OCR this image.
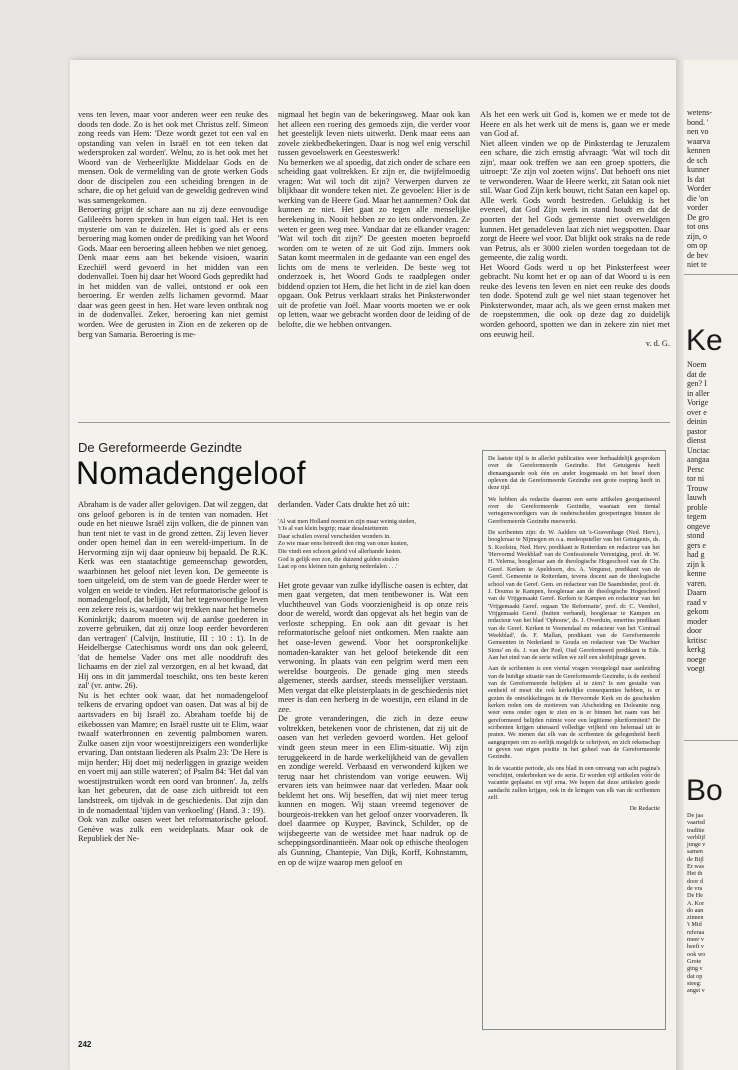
vens ten leven, maar voor anderen weer een reuke des doods ten dode. Zo is het ook met Christus zelf. Simeon zong reeds van Hem: 'Deze wordt gezet tot een val en opstanding van velen in Israël en tot een teken dat wedersproken zal worden'. Welnu, zo is het ook met het Woord van de Verheerlijkte Middelaar Gods en de mensen. Ook de vermelding van de grote werken Gods door de discipelen zou een scheiding brengen in de schare, die op het geluid van de geweldig gedreven wind was samengekomen.
Beroering grijpt de schare aan nu zij deze eenvoudige Galileeërs horen spreken in hun eigen taal. Het is een mysterie om van te duizelen. Het is goed als er eens beroering mag komen onder de prediking van het Woord Gods. Maar een beroering alleen hebben we niet genoeg. Denk maar eens aan het bekende visioen, waarin Ezechiël werd gevoerd in het midden van een dodenvallei. Toen hij daar het Woord Gods gepredikt had in het midden van de vallei, ontstond er ook een beroering. Er werden zelfs lichamen gevormd. Maar daar was geen geest in hen. Het ware leven ontbrak nog in de dodenvallei. Zeker, beroering kan niet gemist worden. Wee de gerusten in Zion en de zekeren op de berg van Samaria. Beroering is me-

nigmaal het begin van de bekeringsweg. Maar ook kan het alleen een roering des gemoeds zijn, die verder voor het geestelijk leven niets uitwerkt. Denk maar eens aan zovele ziekbedbekeringen. Daar is nog wel enig verschil tussen gevoelswerk en Geesteswerk!
Nu bemerken we al spoedig, dat zich onder de schare een scheiding gaat voltrekken. Er zijn er, die twijfelmoedig vragen: Wat wil toch dit zijn? Verwerpen durven ze blijkbaar dit wondere teken niet. Ze gevoelen: Hier is de werking van de Heere God. Maar het aannemen? Ook dat kunnen ze niet. Het gaat zo tegen alle menselijke berekening in. Nooit hebben ze zo iets ondervonden. Ze weten er geen weg mee. Vandaar dat ze elkander vragen: 'Wat wil toch dit zijn?' De geesten moeten beproefd worden om te weten of ze uit God zijn. Immers ook Satan komt meermalen in de gedaante van een engel des lichts om de mens te verleiden. De beste weg tot onderzoek is, het Woord Gods te raadplegen onder biddend opzien tot Hem, die het licht in de ziel kan doen opgaan. Ook Petrus verklaart straks het Pinksterwonder uit de profetie van Joël. Maar voorts moeten we er ook op letten, waar we gebracht worden door de leiding of de beloftе, die we hebben ontvangen.

Als het een werk uit God is, komen we er mede tot de Heere en als het werk uit de mens is, gaan we er mede van God af.
Niet alleen vinden we op de Pinksterdag te Jeruzalem een schare, die zich ernstig afvraagt: 'Wat wil toch dit zijn', maar ook treffen we aan een groep spotters, die uitroept: 'Ze zijn vol zoeten wijns'. Dat behoeft ons niet te verwonderen. Waar de Heere werkt, zit Satan ook niet stil. Waar God Zijn kerk bouwt, richt Satan een kapel op. Alle werk Gods wordt bestreden. Gelukkig is het eveneel, dat God Zijn werk in stand houdt en dat de poorten der hel Gods gemeente niet overweldigen kunnen. Het genadeleven laat zich niet wegspotten. Daar zorgt de Heere wel voor. Dat blijkt ook straks na de rede van Petrus, als er 3000 zielen worden toegedaan tot de gemeente, die zalig wordt.
Het Woord Gods werd u op het Pinksterfeest weer gebracht. Nu komt het er op aan of dat Woord u is een reuke des levens ten leven en niet een reuke des doods ten dode. Spotend zult ge wel niet staan tegenover het Pinksterwonder, maar ach, als we geen ernst maken met de roepstemmen, die ook op deze dag zo duidelijk worden gehoord, spotten we dan in zekere zin niet met ons eeuwig heil.

v. d. G.

De Gereformeerde Gezindte
Nomadengeloof

Abraham is de vader aller gelovigen. Dat wil zeggen, dat ons geloof geboren is in de tenten van nomaden. Het oude en het nieuwe Israël zijn volken, die de pinnen van hun tent niet te vast in de grond zetten. Zij leven liever onder open hemel dan in een wereld-imperium. In de Hervorming zijn wij daar opnieuw bij bepaald. De R.K. Kerk was een staatachtige gemeenschap geworden, waarbinnen het geloof niet leven kon. De gemeente is toen uitgeleid, om de stem van de goede Herder weer te volgen en weide te vinden. Het reformatorische geloof is nomadengeloof, dat belijdt, 'dat het tegenwoordige leven een zekere reis is, waardoor wij trekken naar het hemelse Koninkrijk; daarom moeten wij de aardse goederen in zoverre gebruiken, dat zij onze loop eerder bevorderen dan vertragen' (Calvijn, Institutie, III : 10 : 1). In de Heidelbergse Catechismus wordt ons dan ook geleerd, 'dat de hemelse Vader ons met alle nooddruft des lichaams en der ziel zal verzorgen, en al het kwaad, dat Hij ons in dit jammerdal toeschikt, ons ten beste keren zal' (vr. antw. 26).
Nu is het echter ook waar, dat het nomadengeloof telkens de ervaring opdoet van oasen. Dat was al bij de aartsvaders en bij Israël zo. Abraham toefde bij de eikebossen van Mamre; en Israël rustte uit te Elim, waar twaalf waterbronnen en zeventig palmbomen waren. Zulke oasen zijn voor woestijnreizigers een wonderlijke ervaring. Dan ontstaan liederen als Psalm 23: 'De Here is mijn herder; Hij doet mij nederliggen in grazige weiden en voert mij aan stille wateren'; of Psalm 84: 'Het dal van woestijnstruiken wordt een oord van bronnen'. Ja, zelfs kan het gebeuren, dat de oase zich uitbreidt tot een landstreek, om tijdvak in de geschiedenis. Dat zijn dan in de nomadentaal 'tijden van verkoeling' (Hand. 3 : 19).
Ook van zulke oasen weet het reformatorische geloof. Genève was zulk een weideplaats. Maar ook de Republiek der Ne-

derlanden. Vader Cats drukte het zó uit:

'Al wat men Holland noemt en zijn maar weinig steden,

't Is al van klein begrip; maar desalniettemin

Daar schuilen overal verscheiden wonders in.

Zo wie maar eens betreedt den ring van onze kusten,

Die vindt een schoon geleid vol allerhande lusten.

God is gelijk een zon, die duizend gulden stralen

Laat op ons kleinen tuin gedurig nederdalen . . .'

Het grote gevaar van zulke idyllische oasen is echter, dat men gaat vergeten, dat men tentbewoner is. Wat een vluchtheuvel van Gods voorzienigheid is op onze reis door de wereld, wordt dan opgevat als het begin van de verloste schepping. En ook aan dit gevaar is het reformatorische geloof niet ontkomen. Men raakte aan het oase-leven gewend. Voor het oorspronkelijke nomaden-karakter van het geloof betekende dit een verwoning. In plaats van een pelgrim werd men een wereldse bourgeois. De genade ging men steeds algemener, steeds aardser, steeds menselijker verstaan. Men vergat dat elke pleisterplaats in de geschiedenis niet meer is dan een herberg in de woestijn, een eiland in de zee.
De grote veranderingen, die zich in deze eeuw voltrekken, betekenen voor de christenen, dat zij uit de oasen van het verleden gevoerd worden. Het geloof vindt geen steun meer in een Elim-situatie. Wij zijn teruggekeerd in de harde werkelijkheid van de gevallen en zondige wereld. Verbaasd en verwonderd kijken we terug naar het christendom van vorige eeuwen. Wij ervaren iets van heimwee naar dat verleden. Maar ook beklemt het ons. Wij beseffen, dat wij niet meer terug kunnen en mogen. Wij staan vreemd tegenover de bourgeois-trekken van het geloof onzer voorvaderen. Ik doel daarmee op Kuyper, Bavinck, Schilder, op de wijsbegeerte van de wetsidee met haar nadruk op de scheppingsordinantieën. Maar ook op ethische theologen als Gunning, Chantepie, Van Dijk, Korff, Kohnstamm, en op de wijze waarop men geloof en

De laatste tijd is in allerlei publicaties weer herhaaldelijk gesproken over de Gereformeerde Gezindte. Het Getuigenis heeft dienaangaande ook één en ander losgemaakt en het besef doen opleven dat de Gereformeerde Gezindte een grote roeping heeft in deze tijd.

We hebben als redactie daarom een serie artikelen georganiseerd over de Gereformeerde Gezindte, waaraan een tiental vertegenwoordigers van de onderscheiden groeperingen binnen de Gereformeerde Gezindte meewerkt.

De scribenten zijn: dr. W. Aalders uit 's-Gravenhage (Ned. Herv.), hoogleraar te Nijmegen en o.a. medeopsteller van het Getuigenis, ds. S. Koolstra, Ned. Herv. predikant te Rotterdam en redacteur van het 'Hervormd Weekblad' van de Confessionele Vereniging, prof. dr. W. H. Velema, hoogleraar aan de theologische Hogeschool van de Chr. Geref. Kerken te Apeldoorn, drs. A. Vergunst, predikant van de Geref. Gemeente te Rotterdam, tevens docent aan de theologische school van de Geref. Gem. en redacteur van De Saambinder, prof. dr. J. Douma te Kampen, hoogleraar aan de theologische Hogeschool van de Vrijgemaakt Geref. Kerken te Kampen en redacteur van het 'Vrijgemaakt Geref. orgaan 'De Reformatie', prof. dr. C. Veenhof, Vrijgemaakt Geref. (buiten verband), hoogleraar te Kampen en redacteur van het blad 'Ophouw', ds. J. Overduin, emeritus predikant van de Geref. Kerken te Veenendaal en redacteur van het 'Centraal Weekblad', ds. F. Mallan, predikant van de Gereformeerde Gemeenten in Nederland te Gouda en redacteur van 'De Wachter Sions' en ds. J. van der Poel, Oud Gereformeerd predikant te Ede. Aan het eind van de serie willen we zelf een slotbijdrage geven.

Aan de scribenten is een viertal vragen voorgelegd naar aanleiding van de huidige situatie van de Gereformeerde Gezindte, is de eenheid van de Gereformeerde belijders al te zien? Is een gestalte van eenheid of moet die ook kerkelijke consequenties hebben, is er gezien de ontwikkelingen in de Hervormde Kerk en de gescheiden kerken reden om de motieven van Afscheiding en Doleantie nog weer eens onder ogen te zien en is er binnen het raam van het gereformeerd belijden ruimte voor een legitieme pluriformiteit? De scribenten krijgen uiteraard volledige vrijheid om helemaal uit te praten. We menen dat elk van de scribenten de gelegenheid heeft aangegrepen om zo eerlijk mogelijk te schrijven, en zich rekenschap te geven van eigen positie in het geheel van de Gereformeerde Gezindte.

In de vacantie periode, als ons blad in een omvang van acht pagina's verschijnt, onderbreken we de serie. Er worden vijf artikelen vóór de vacantie geplaatst en vijf erna. We hopen dat deze artikelen goede aandacht zullen krijgen, ook in de kringen van elk van de scribenten zelf.

De Redactie

242
wetens-
bond. '
nen vo
waarva
kennen
de sch
kunner
Is dat
Worder
die 'on
vorder
De gro
tot ons
zijn, o
om op
de bev
niet te
Ke
Noem
dat de
gen? I
in aller
Vorige
over e
deinin
pastor
dienst
Unctac
aangaa
Persc
tor ni
Trouw
lauwh
proble
tegem
ongeve
stond
gers e
had g
zijn k
kenne
varen.
Daarn
raad v
gekom
moder
door
kritisc
kerkg
noege
voegt
Bo
De jaa
vaartsd
traditie
verblijf
junge v
samen
de Bijl
Er was
Het th
door d
de vra
De He
A. Kor
do aan
zinnen
't Mid
referaa
meer v
heeft v
ook wo
Grote
ging v
dat op
steeg:
angst v
